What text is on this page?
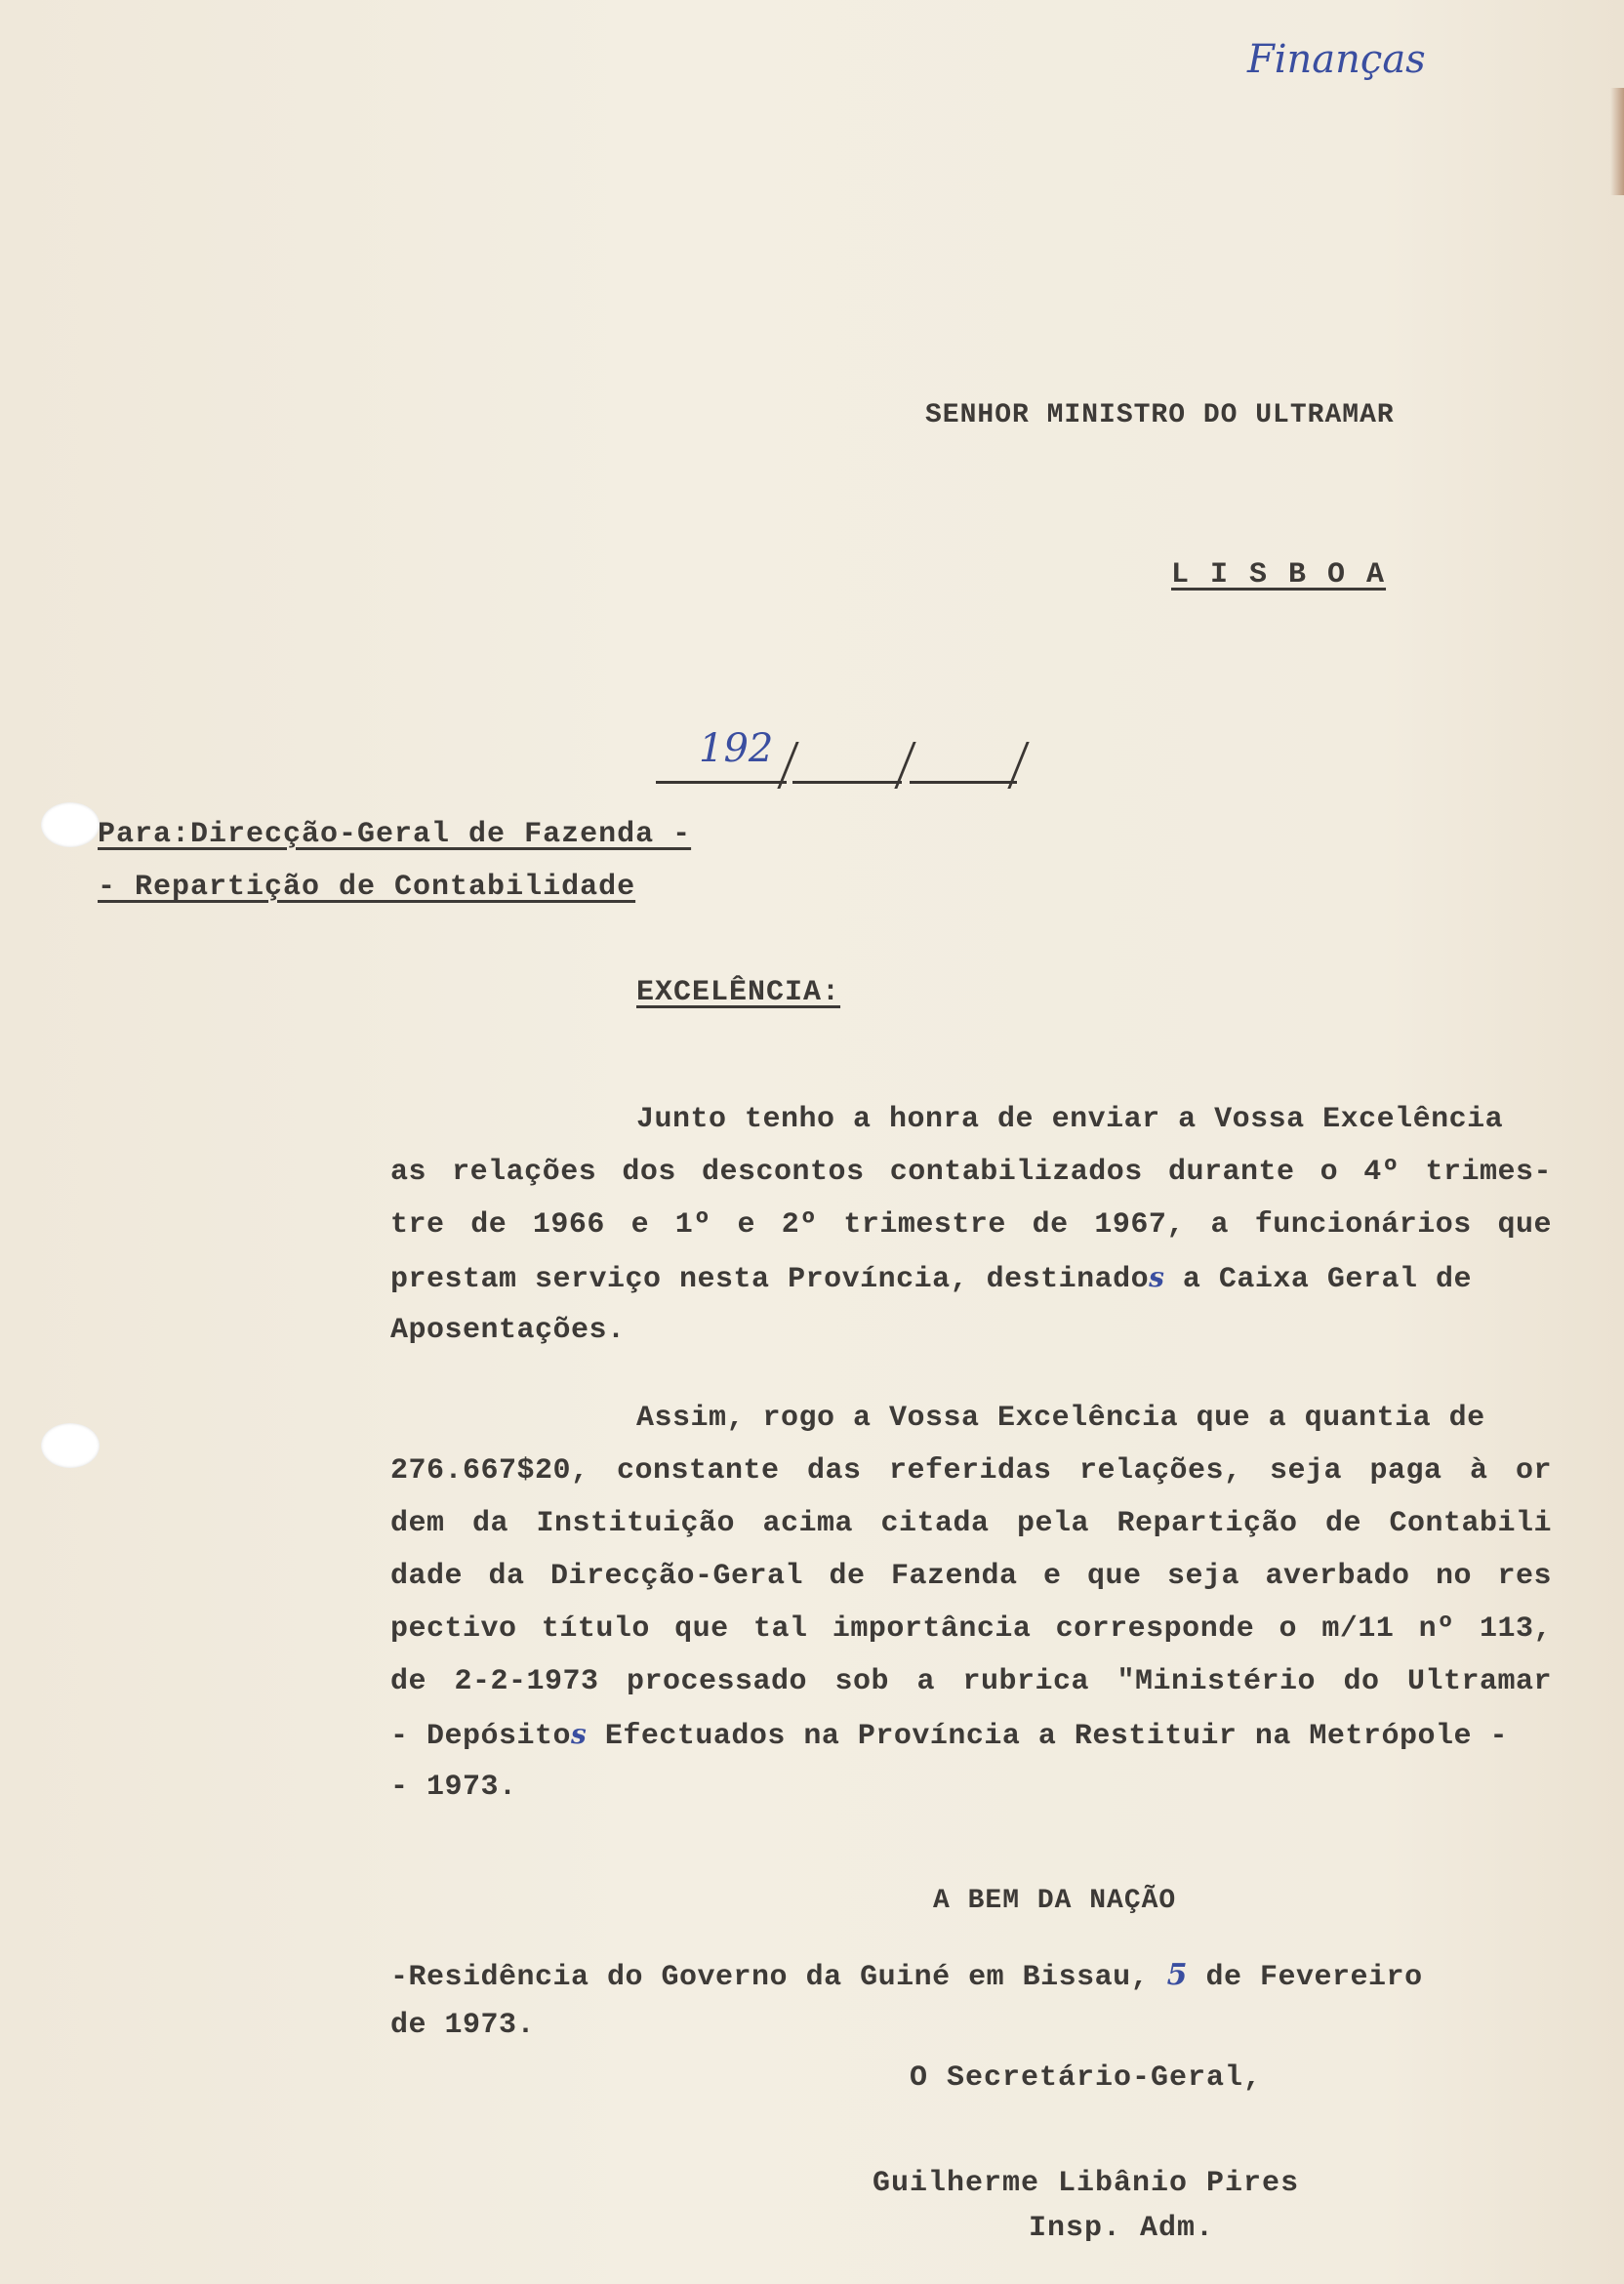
Finanças
SENHOR MINISTRO DO ULTRAMAR
L I S B O A
192
Para:Direcção-Geral de Fazenda -
- Repartição de Contabilidade
EXCELÊNCIA:
Junto tenho a honra de enviar a Vossa Excelência
as relações dos descontos contabilizados durante o 4º trimes-
tre de 1966 e 1º e 2º trimestre de 1967, a funcionários que
prestam serviço nesta Província, destinados a Caixa Geral de
Aposentações.
Assim, rogo a Vossa Excelência que a quantia de
276.667$20, constante das referidas relações, seja paga à or
dem da Instituição acima citada pela Repartição de Contabili
dade da Direcção-Geral de Fazenda e que seja averbado no res
pectivo título que tal importância corresponde o m/11 nº 113,
de 2-2-1973 processado sob a rubrica "Ministério do Ultramar
- Depósitos Efectuados na Província a Restituir na Metrópole -
- 1973.
A BEM DA NAÇÃO
-Residência do Governo da Guiné em Bissau, 5 de Fevereiro
de 1973.
O Secretário-Geral,
Guilherme Libânio Pires
Insp. Adm.
